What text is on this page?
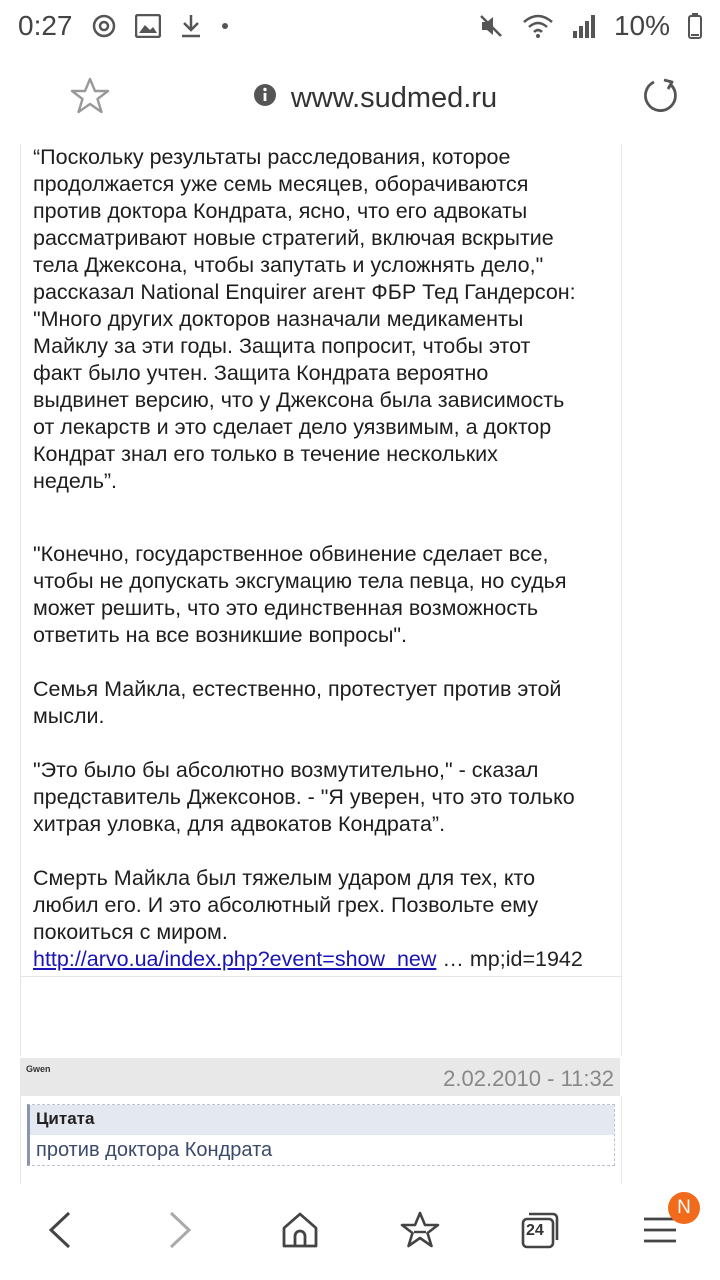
0:27	10%
www.sudmed.ru

“Поскольку результаты расследования, которое

продолжается уже семь месяцев, оборачиваются

против доктора Кондрата, ясно, что его адвокаты

рассматривают новые стратегий, включая вскрытие

тела Джексона, чтобы запутать и усложнять дело,"

рассказал National Enquirer агент ФБР Тед Гандерсон:

"Много других докторов назначали медикаменты

Майклу за эти годы. Защита попросит, чтобы этот

факт было учтен. Защита Кондрата вероятно

выдвинет версию, что у Джексона была зависимость

от лекарств и это сделает дело уязвимым, а доктор

Кондрат знал его только в течение нескольких

недель”.

"Конечно, государственное обвинение сделает все,

чтобы не допускать эксгумацию тела певца, но судья

может решить, что это единственная возможность

ответить на все возникшие вопросы".

Семья Майкла, естественно, протестует против этой

мысли.

"Это было бы абсолютно возмутительно," - сказал

представитель Джексонов. - "Я уверен, что это только

хитрая уловка, для адвокатов Кондрата”.

Смерть Майкла был тяжелым ударом для тех, кто

любил его. И это абсолютный грех. Позвольте ему

покоиться с миром.

http://arvo.ua/index.php?event=show_new … mp;id=1942
Gwen	2.02.2010 - 11:32
Цитата
против доктора Кондрата
24
N
